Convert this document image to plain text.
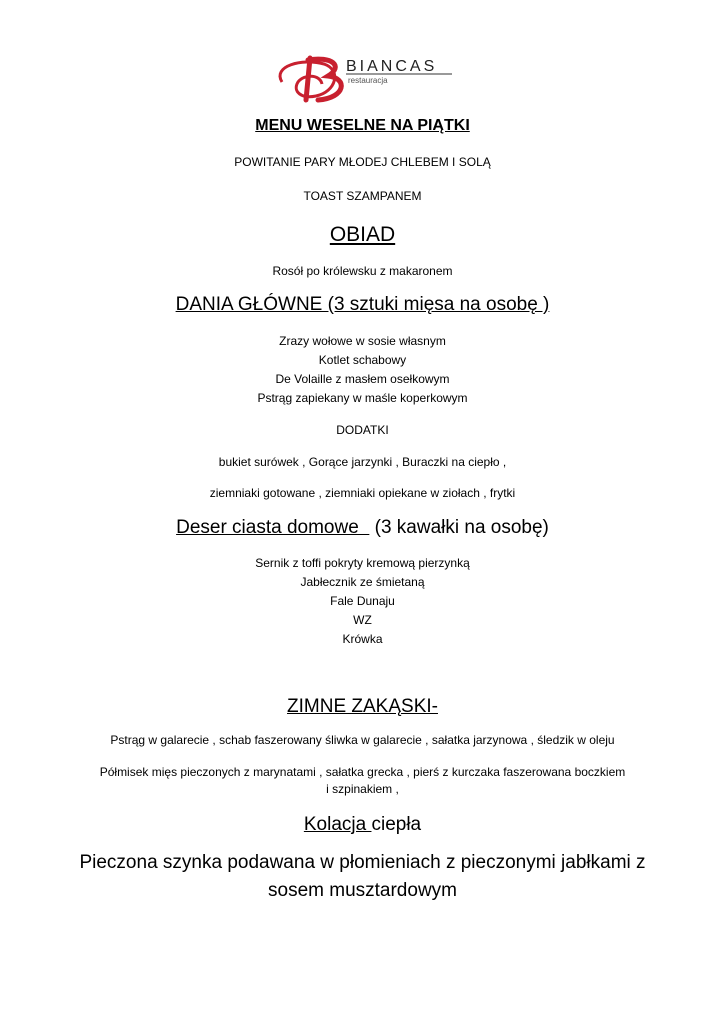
BIANCAS
restauracja
MENU WESELNE NA PIĄTKI
POWITANIE PARY MŁODEJ CHLEBEM I SOLĄ
TOAST SZAMPANEM
OBIAD
Rosół po królewsku z makaronem
DANIA GŁÓWNE (3 sztuki mięsa na osobę )
Zrazy wołowe w sosie własnym
Kotlet schabowy
De Volaille z masłem osełkowym
Pstrąg zapiekany w maśle koperkowym
DODATKI
bukiet surówek , Gorące jarzynki , Buraczki na ciepło ,
ziemniaki gotowane , ziemniaki opiekane w ziołach , frytki
Deser ciasta domowe   (3 kawałki na osobę)
Sernik z toffi pokryty kremową pierzynką
Jabłecznik ze śmietaną
Fale Dunaju
WZ
Krówka
ZIMNE ZAKĄSKI-
Pstrąg w galarecie , schab faszerowany śliwka w galarecie , sałatka jarzynowa , śledzik w oleju
Półmisek mięs pieczonych z marynatami , sałatka grecka , pierś z kurczaka faszerowana boczkiem
i szpinakiem ,
Kolacja ciepła
Pieczona szynka podawana w płomieniach z pieczonymi jabłkami z
sosem musztardowym
